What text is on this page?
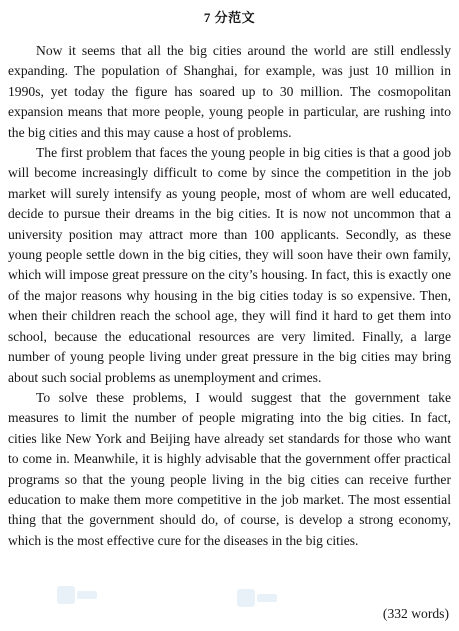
7 分范文

Now it seems that all the big cities around the world are still endlessly expanding. The population of Shanghai, for example, was just 10 million in 1990s, yet today the figure has soared up to 30 million. The cosmopolitan expansion means that more people, young people in particular, are rushing into the big cities and this may cause a host of problems.

The first problem that faces the young people in big cities is that a good job will become increasingly difficult to come by since the competition in the job market will surely intensify as young people, most of whom are well educated, decide to pursue their dreams in the big cities. It is now not uncommon that a university position may attract more than 100 applicants. Secondly, as these young people settle down in the big cities, they will soon have their own family, which will impose great pressure on the city’s housing. In fact, this is exactly one of the major reasons why housing in the big cities today is so expensive. Then, when their children reach the school age, they will find it hard to get them into school, because the educational resources are very limited. Finally, a large number of young people living under great pressure in the big cities may bring about such social problems as unemployment and crimes.

To solve these problems, I would suggest that the government take measures to limit the number of people migrating into the big cities. In fact, cities like New York and Beijing have already set standards for those who want to come in. Meanwhile, it is highly advisable that the government offer practical programs so that the young people living in the big cities can receive further education to make them more competitive in the job market. The most essential thing that the government should do, of course, is develop a strong economy, which is the most effective cure for the diseases in the big cities.

(332 words)
